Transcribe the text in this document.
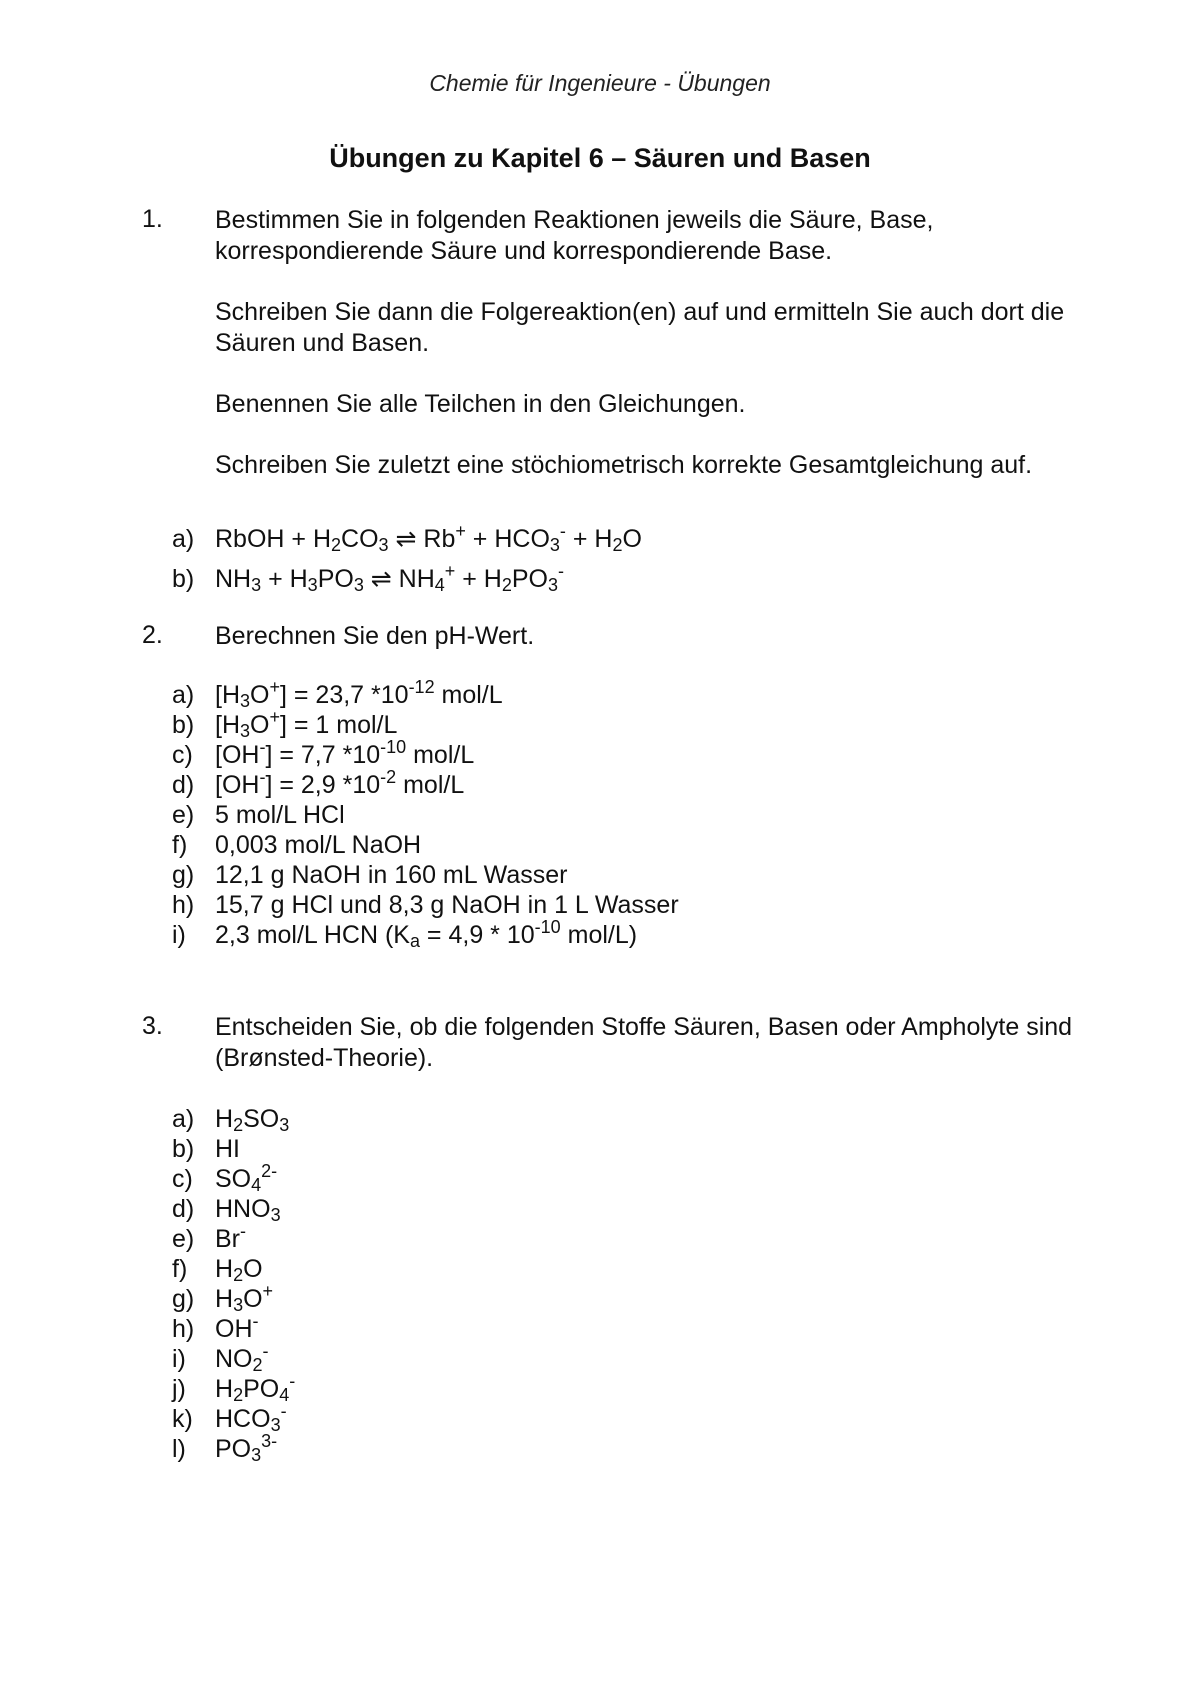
Chemie für Ingenieure - Übungen
Übungen zu Kapitel 6 – Säuren und Basen
1. Bestimmen Sie in folgenden Reaktionen jeweils die Säure, Base, korrespondierende Säure und korrespondierende Base.

Schreiben Sie dann die Folgereaktion(en) auf und ermitteln Sie auch dort die Säuren und Basen.

Benennen Sie alle Teilchen in den Gleichungen.

Schreiben Sie zuletzt eine stöchiometrisch korrekte Gesamtgleichung auf.

a) RbOH + $H_2CO_3$ ⇌ $Rb^+ + HCO_3^- + H_2O$
b) $NH_3 + H_3PO_3$ ⇌ $NH_4^+ + H_2PO_3^-$
2. Berechnen Sie den pH-Wert.

a) $[H_3O^+] = 23,7$ $*10^{-12}$ mol/L
b) $[H_3O^+] = 1$ mol/L
c) [OH-] = 7,7 $*10^{-10}$ mol/L
d) [OH-] = 2,9 $*10^{-2}$ mol/L
e) 5 mol/L HCl
f) 0,003 mol/L NaOH
g) 12,1 g NaOH in 160 mL Wasser
h) 15,7 g HCl und 8,3 g NaOH in 1 L Wasser
i) 2,3 mol/L HCN ($K_a = 4,9 * 10^{-10}$ mol/L)
3. Entscheiden Sie, ob die folgenden Stoffe Säuren, Basen oder Ampholyte sind (Brønsted-Theorie).

a) $H_2SO_3$
b) HI
c) $SO_4^{2-}$
d) $HNO_3$
e) Br-
f) $H_2O$
g) $H_3O^+$
h) OH-
i) $NO_2^-$
j) $H_2PO_4^-$
k) $HCO_3^-$
l) $PO_3^{3-}$
